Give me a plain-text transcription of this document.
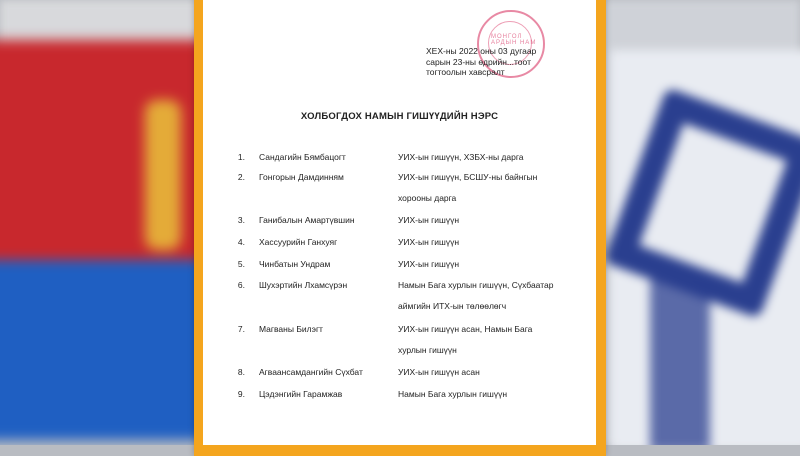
МОНГОЛ АРДЫН НАМ
ХЕХ-ны 2022 оны 03 дугаар
сарын 23-ны өдрийн...тоот
тогтоолын хавсралт
ХОЛБОГДОХ НАМЫН ГИШҮҮДИЙН НЭРС
1. Сандагийн Бямбацогт	УИХ-ын гишүүн, ХЗБХ-ны дарга
2. Гонгорын Дамдинням	УИХ-ын гишүүн, БСШУ-ны байнгын
хорооны дарга
3. Ганибалын Амартүвшин	УИХ-ын гишүүн
4. Хассуурийн Ганхуяг	УИХ-ын гишүүн
5. Чинбатын Ундрам	УИХ-ын гишүүн
6. Шухэртийн Лхамсүрэн	Намын Бага хурлын гишүүн, Сүхбаатар
аймгийн ИТХ-ын төлөөлөгч
7. Магваны Билэгт	УИХ-ын гишүүн асан, Намын Бага
хурлын гишүүн
8. Агваансамдангийн Сүхбат	УИХ-ын гишүүн асан
9. Цэдэнгийн Гарамжав	Намын Бага хурлын гишүүн
